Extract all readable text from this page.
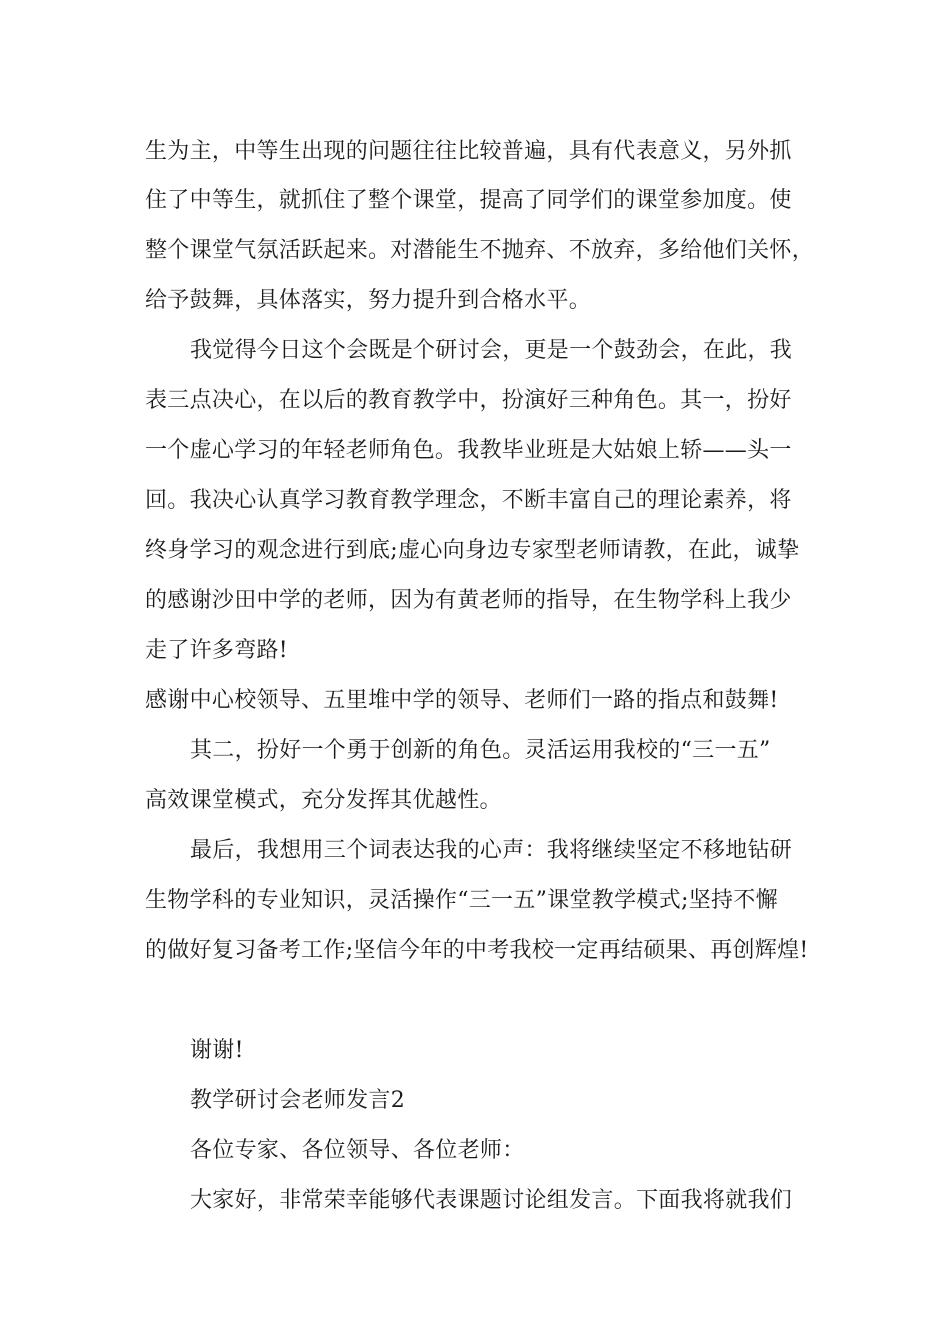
生为主，中等生出现的问题往往比较普遍，具有代表意义，另外抓
住了中等生，就抓住了整个课堂，提高了同学们的课堂参加度。使
整个课堂气氛活跃起来。对潜能生不抛弃、不放弃，多给他们关怀，
给予鼓舞，具体落实，努力提升到合格水平。
我觉得今日这个会既是个研讨会，更是一个鼓劲会，在此，我
表三点决心，在以后的教育教学中，扮演好三种角色。其一，扮好
一个虚心学习的年轻老师角色。我教毕业班是大姑娘上轿——头一
回。我决心认真学习教育教学理念，不断丰富自己的理论素养，将
终身学习的观念进行到底;虚心向身边专家型老师请教，在此，诚挚
的感谢沙田中学的老师，因为有黄老师的指导，在生物学科上我少
走了许多弯路!
感谢中心校领导、五里堆中学的领导、老师们一路的指点和鼓舞!
其二，扮好一个勇于创新的角色。灵活运用我校的“三一五”
高效课堂模式，充分发挥其优越性。
最后，我想用三个词表达我的心声：我将继续坚定不移地钻研
生物学科的专业知识，灵活操作“三一五”课堂教学模式;坚持不懈
的做好复习备考工作;坚信今年的中考我校一定再结硕果、再创辉煌!
谢谢!
教学研讨会老师发言2
各位专家、各位领导、各位老师：
大家好，非常荣幸能够代表课题讨论组发言。下面我将就我们
